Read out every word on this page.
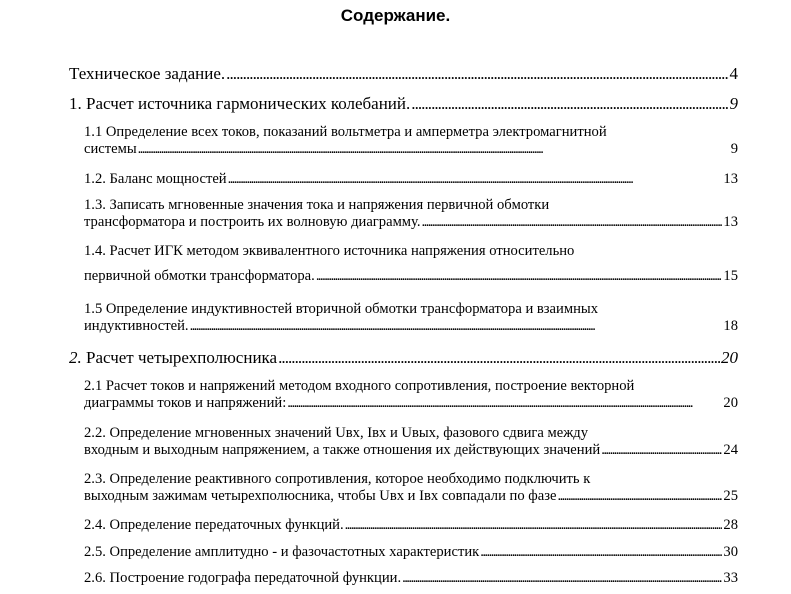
Содержание.
Техническое задание. . . .	4
1. Расчет источника гармонических колебаний. . . .	9
1.1 Определение всех токов, показаний вольтметра и амперметра электромагнитной
системы . . .	9
1.2. Баланс мощностей . . .	13
1.3. Записать мгновенные значения тока и напряжения первичной обмотки
трансформатора и построить их волновую диаграмму. . . .	13
1.4. Расчет ИГК методом эквивалентного источника напряжения относительно
первичной обмотки трансформатора. . . .	15
1.5 Определение индуктивностей вторичной обмотки трансформатора и взаимных
индуктивностей. . . .	18
2. Расчет четырехполюсника . . .	20
2.1 Расчет токов и напряжений методом входного сопротивления, построение векторной
диаграммы токов и напряжений: . . .	20
2.2. Определение мгновенных значений Uвх, Iвх и Uвых, фазового сдвига между
входным и выходным напряжением, а также отношения их действующих значений . . .	24
2.3. Определение реактивного сопротивления, которое необходимо подключить к
выходным зажимам четырехполюсника, чтобы Uвх и Iвх совпадали по фазе . . .	25
2.4. Определение передаточных функций. . . .	28
2.5. Определение амплитудно - и фазочастотных характеристик . . .	30
2.6. Построение годографа передаточной функции. . . .	33
